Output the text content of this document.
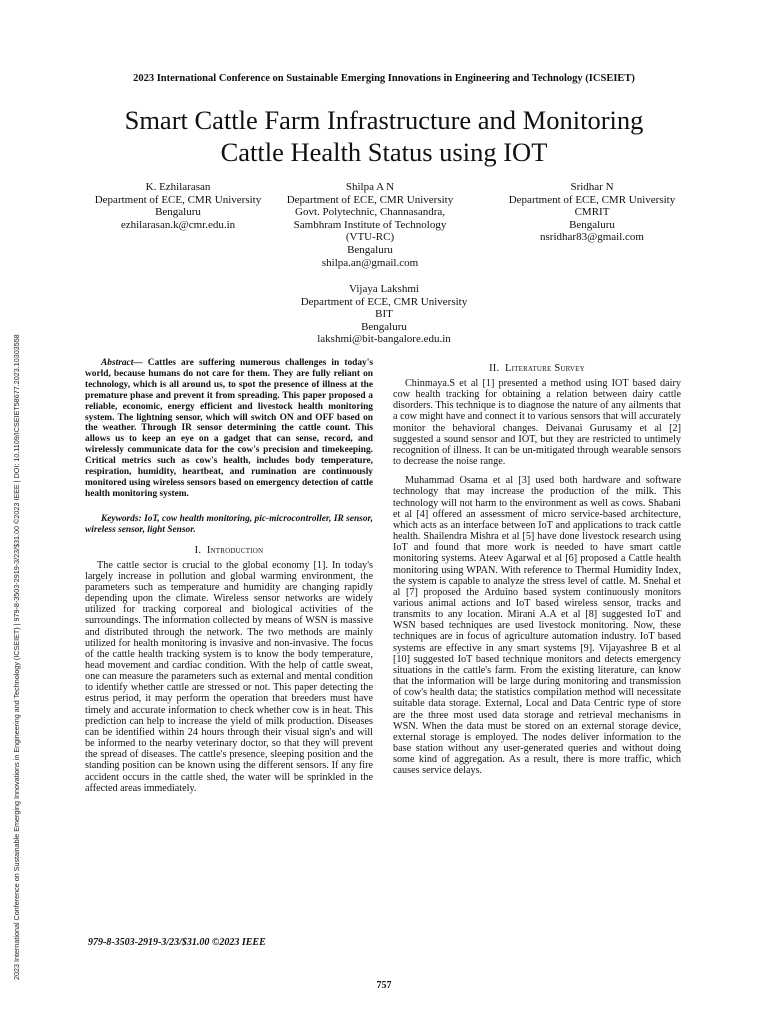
2023 International Conference on Sustainable Emerging Innovations in Engineering and Technology (ICSEIET) | 979-8-3503-2919-3/23/$31.00 ©2023 IEEE | DOI: 10.1109/ICSEIET58677.2023.10303558
2023 International Conference on Sustainable Emerging Innovations in Engineering and Technology (ICSEIET)
Smart Cattle Farm Infrastructure and Monitoring
Cattle Health Status using IOT
K. Ezhilarasan
Department of ECE, CMR University
Bengaluru
ezhilarasan.k@cmr.edu.in
Shilpa A N
Department of ECE, CMR University
Govt. Polytechnic, Channasandra,
Sambhram Institute of Technology
(VTU-RC)
Bengaluru
shilpa.an@gmail.com
Sridhar N
Department of ECE, CMR University
CMRIT
Bengaluru
nsridhar83@gmail.com
Vijaya Lakshmi
Department of ECE, CMR University
BIT
Bengaluru
lakshmi@bit-bangalore.edu.in

Abstract— Cattles are suffering numerous challenges in today's world, because humans do not care for them. They are fully reliant on technology, which is all around us, to spot the presence of illness at the premature phase and prevent it from spreading. This paper proposed a reliable, economic, energy efficient and livestock health monitoring system. The lightning sensor, which will switch ON and OFF based on the weather. Through IR sensor determining the cattle count. This allows us to keep an eye on a gadget that can sense, record, and wirelessly communicate data for the cow's precision and timekeeping. Critical metrics such as cow's health, includes body temperature, respiration, humidity, heartbeat, and rumination are continuously monitored using wireless sensors based on emergency detection of cattle health monitoring system.

Keywords: IoT, cow health monitoring, pic-microcontroller, IR sensor, wireless sensor, light Sensor.

I. Introduction

The cattle sector is crucial to the global economy [1]. In today's largely increase in pollution and global warming environment, the parameters such as temperature and humidity are changing rapidly depending upon the climate. Wireless sensor networks are widely utilized for tracking corporeal and biological activities of the surroundings. The information collected by means of WSN is massive and distributed through the network. The two methods are mainly utilized for health monitoring is invasive and non-invasive. The focus of the cattle health tracking system is to know the body temperature, head movement and cardiac condition. With the help of cattle sweat, one can measure the parameters such as external and mental condition to identify whether cattle are stressed or not. This paper detecting the estrus period, it may perform the operation that breeders must have timely and accurate information to check whether cow is in heat. This prediction can help to increase the yield of milk production. Diseases can be identified within 24 hours through their visual sign's and will be informed to the nearby veterinary doctor, so that they will prevent the spread of diseases. The cattle's presence, sleeping position and the standing position can be known using the different sensors. If any fire accident occurs in the cattle shed, the water will be sprinkled in the affected areas immediately.

II. Literature Survey

Chinmaya.S et al [1] presented a method using IOT based dairy cow health tracking for obtaining a relation between dairy cattle disorders. This technique is to diagnose the nature of any ailments that a cow might have and connect it to various sensors that will accurately monitor the behavioral changes. Deivanai Gurusamy et al [2] suggested a sound sensor and IOT, but they are restricted to untimely recognition of illness. It can be un-mitigated through wearable sensors to decrease the noise range.

Muhammad Osama et al [3] used both hardware and software technology that may increase the production of the milk. This technology will not harm to the environment as well as cows. Shabani et al [4] offered an assessment of micro service-based architecture, which acts as an interface between IoT and applications to track cattle health. Shailendra Mishra et al [5] have done livestock research using IoT and found that more work is needed to have smart cattle monitoring systems. Ateev Agarwal et al [6] proposed a Cattle health monitoring using WPAN. With reference to Thermal Humidity Index, the system is capable to analyze the stress level of cattle. M. Snehal et al [7] proposed the Arduino based system continuously monitors various animal actions and IoT based wireless sensor, tracks and transmits to any location. Mirani A.A et al [8] suggested IoT and WSN based techniques are used livestock monitoring. Now, these techniques are in focus of agriculture automation industry. IoT based systems are effective in any smart systems [9]. Vijayashree B et al [10] suggested IoT based technique monitors and detects emergency situations in the cattle's farm. From the existing literature, can know that the information will be large during monitoring and transmission of cow's health data; the statistics compilation method will necessitate suitable data storage. External, Local and Data Centric type of store are the three most used data storage and retrieval mechanisms in WSN. When the data must be stored on an external storage device, external storage is employed. The nodes deliver information to the base station without any user-generated queries and without doing some kind of aggregation. As a result, there is more traffic, which causes service delays.

979-8-3503-2919-3/23/$31.00 ©2023 IEEE
757
